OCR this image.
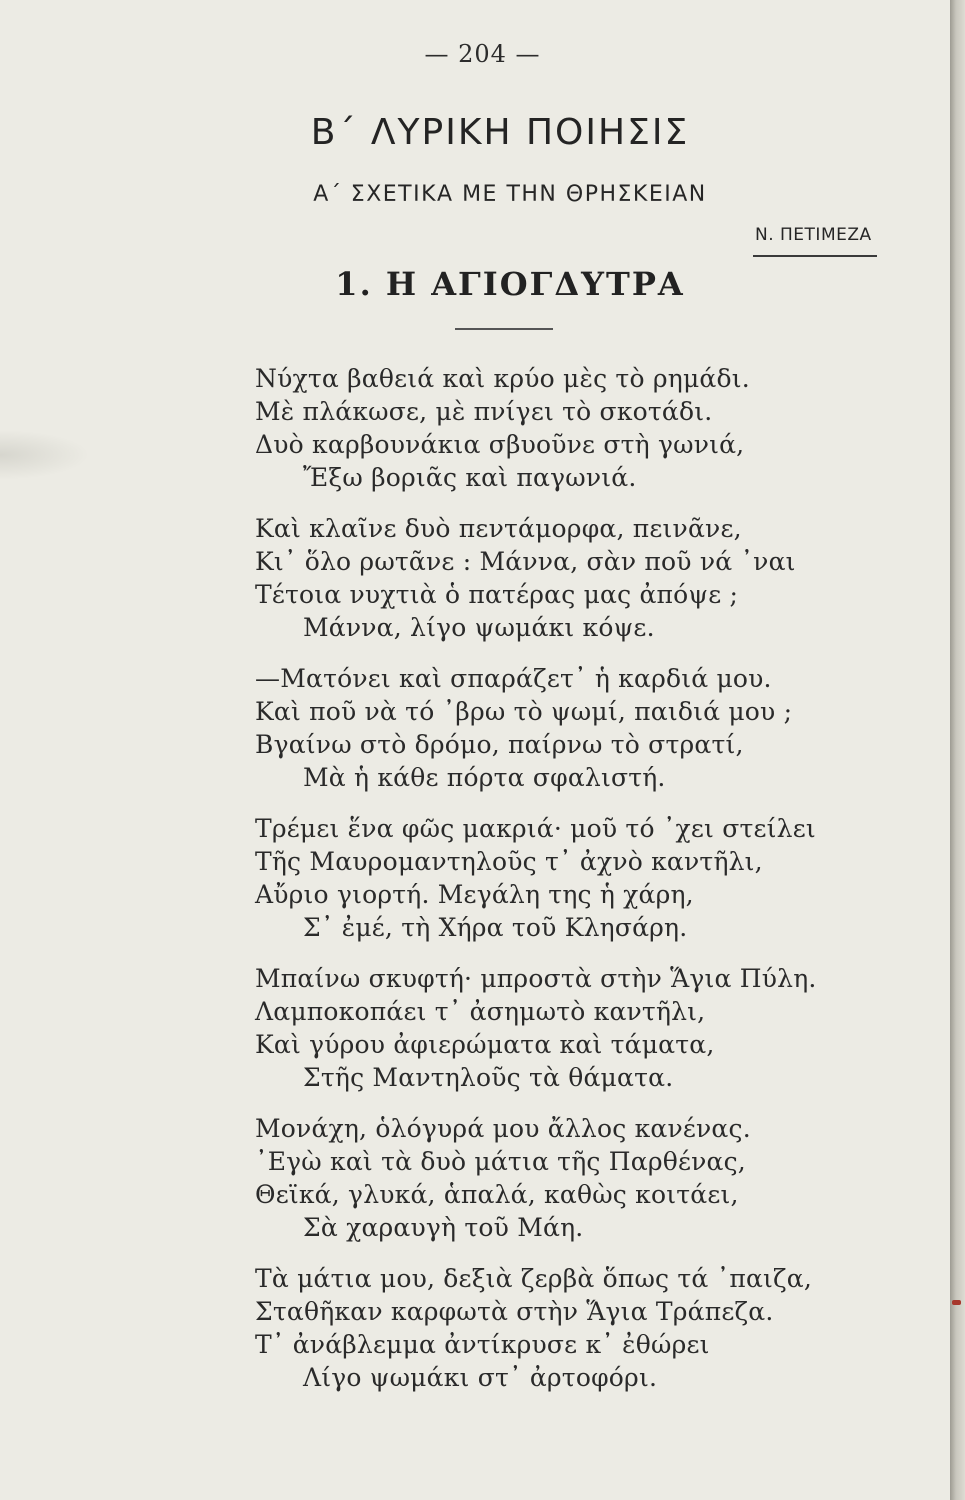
— 204 —
Β΄ ΛΥΡΙΚΗ ΠΟΙΗΣΙΣ
Α΄ ΣΧΕΤΙΚΑ ΜΕ ΤΗΝ ΘΡΗΣΚΕΙΑΝ
Ν. ΠΕΤΙΜΕΖΑ
1. Η ΑΓΙΟΓΔΥΤΡΑ
Νύχτα βαθειά καὶ κρύο μὲς τὸ ρημάδι.
Μὲ πλάκωσε, μὲ πνίγει τὸ σκοτάδι.
Δυὸ καρβουνάκια σβυοῦνε στὴ γωνιά,
Ἔξω βοριᾶς καὶ παγωνιά.
Καὶ κλαῖνε δυὸ πεντάμορφα, πεινᾶνε,
Κι᾿ ὅλο ρωτᾶνε : Μάννα, σὰν ποῦ νά ᾿ναι
Τέτοια νυχτιὰ ὁ πατέρας μας ἀπόψε ;
Μάννα, λίγο ψωμάκι κόψε.
—Ματόνει καὶ σπαράζετ᾿ ἡ καρδιά μου.
Καὶ ποῦ νὰ τό ᾿βρω τὸ ψωμί, παιδιά μου ;
Βγαίνω στὸ δρόμο, παίρνω τὸ στρατί,
Μὰ ἡ κάθε πόρτα σφαλιστή.
Τρέμει ἕνα φῶς μακριά· μοῦ τό ᾿χει στείλει
Τῆς Μαυρομαντηλοῦς τ᾿ ἀχνὸ καντῆλι,
Αὔριο γιορτή. Μεγάλη της ἡ χάρη,
Σ᾿ ἐμέ, τὴ Χήρα τοῦ Κλησάρη.
Μπαίνω σκυφτή· μπροστὰ στὴν Ἅγια Πύλη.
Λαμποκοπάει τ᾿ ἀσημωτὸ καντῆλι,
Καὶ γύρου ἀφιερώματα καὶ τάματα,
Στῆς Μαντηλοῦς τὰ θάματα.
Μονάχη, ὁλόγυρά μου ἄλλος κανένας.
᾿Εγὼ καὶ τὰ δυὸ μάτια τῆς Παρθένας,
Θεϊκά, γλυκά, ἁπαλά, καθὼς κοιτάει,
Σὰ χαραυγὴ τοῦ Μάη.
Τὰ μάτια μου, δεξιὰ ζερβὰ ὅπως τά ᾿παιζα,
Σταθῆκαν καρφωτὰ στὴν Ἅγια Τράπεζα.
Τ᾿ ἀνάβλεμμα ἀντίκρυσε κ᾿ ἐθώρει
Λίγο ψωμάκι στ᾿ ἀρτοφόρι.
